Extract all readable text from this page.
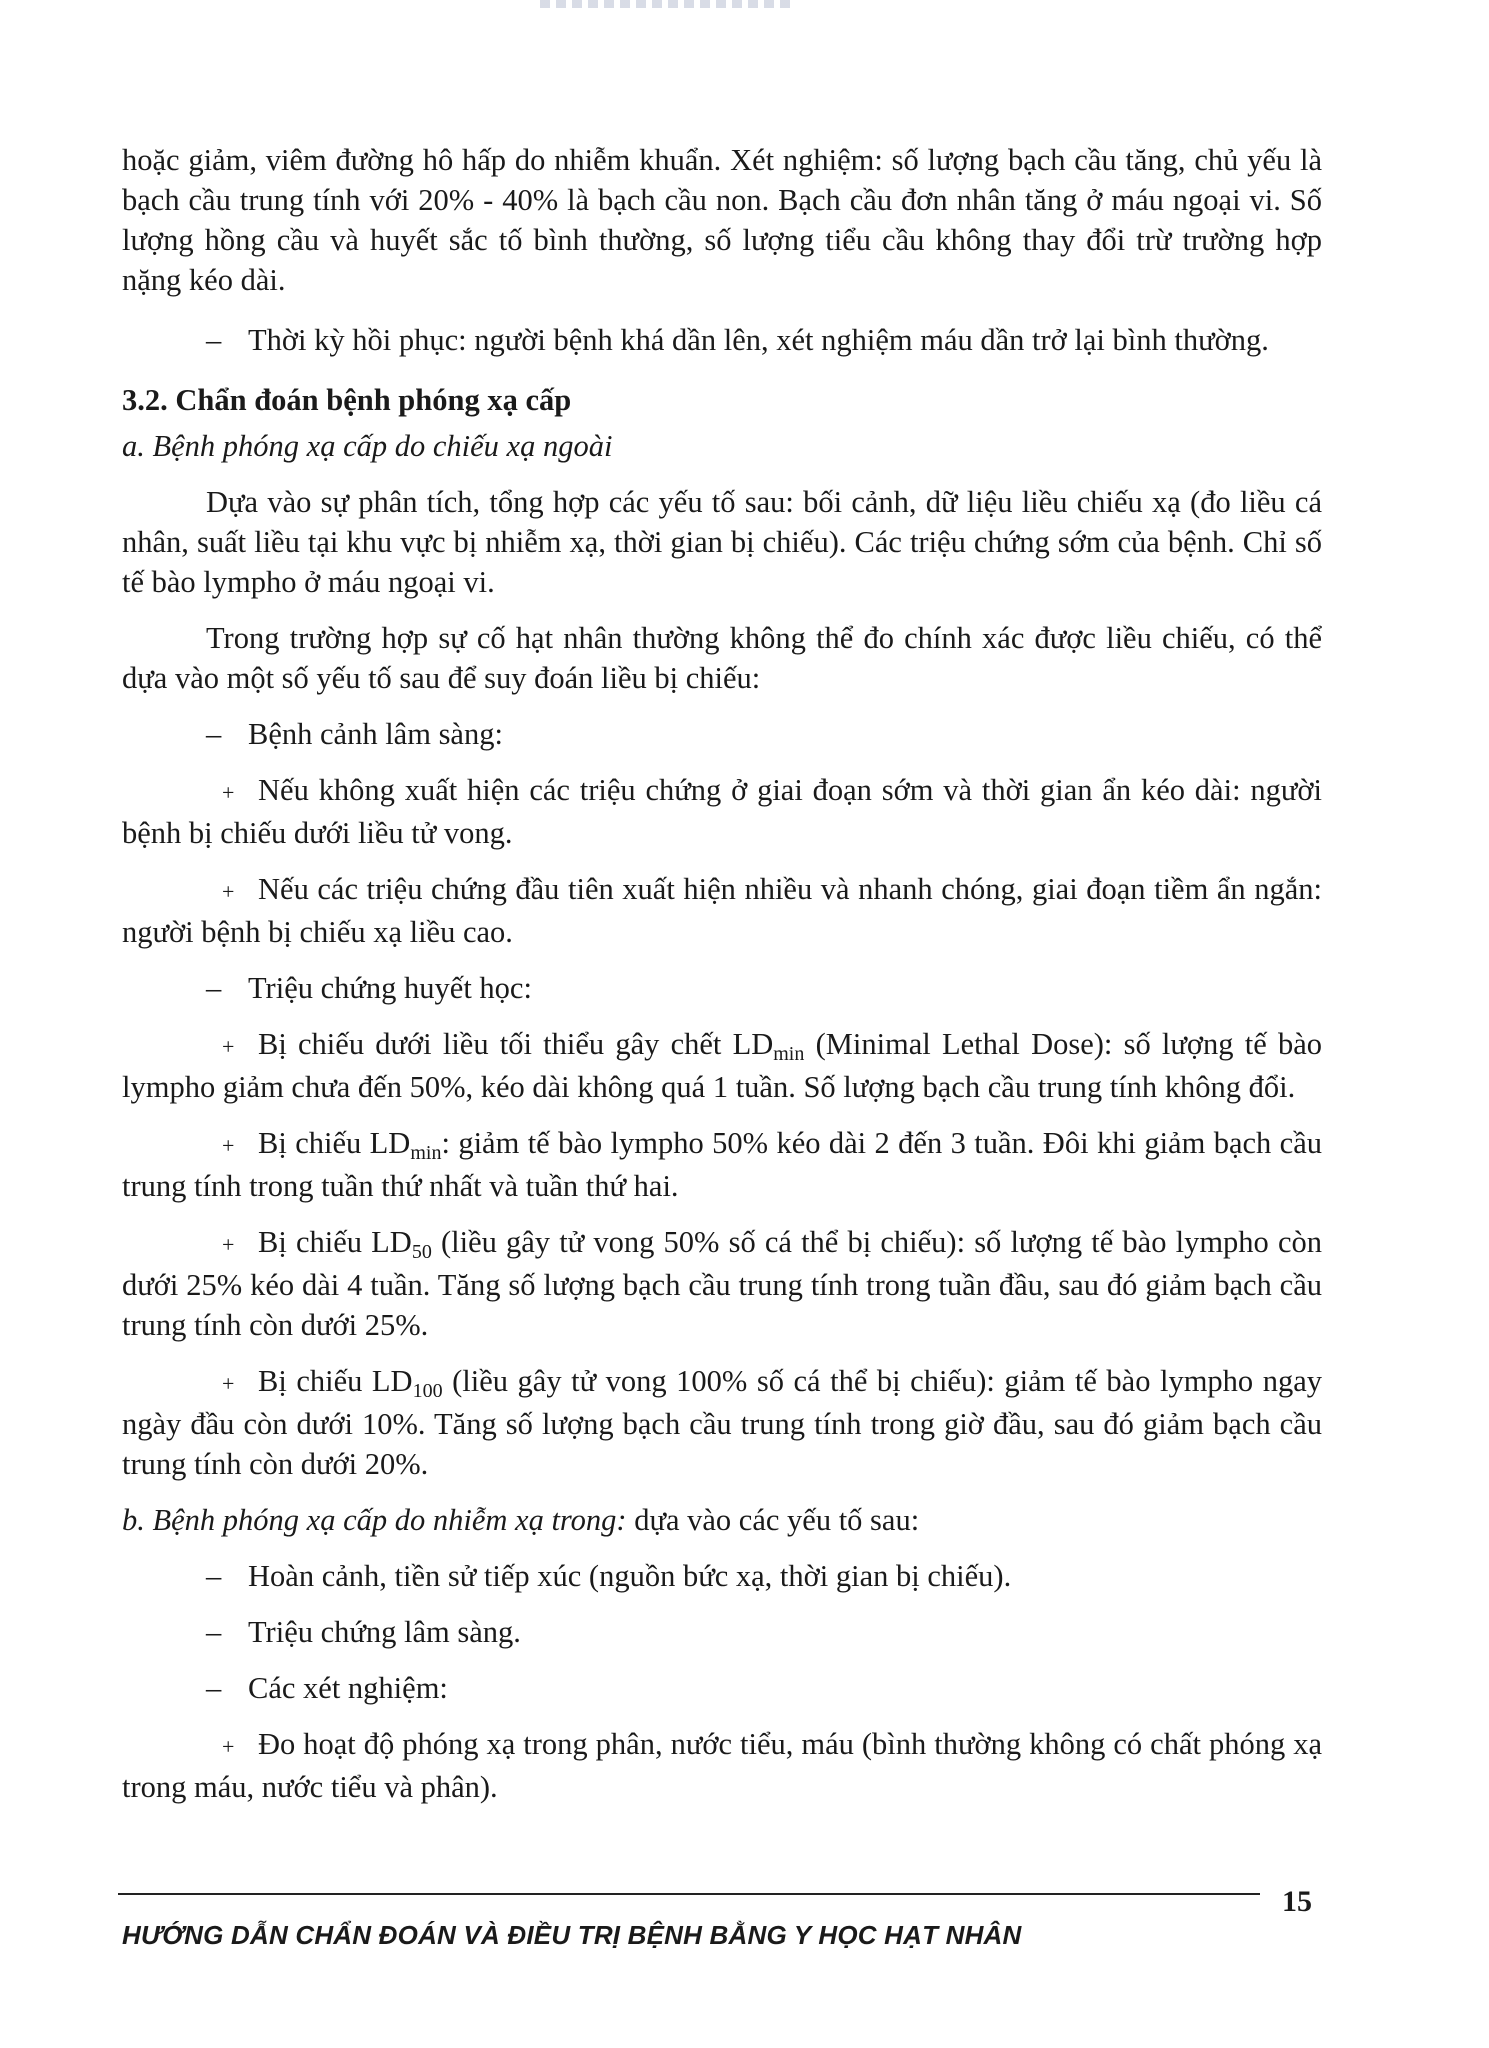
hoặc giảm, viêm đường hô hấp do nhiễm khuẩn. Xét nghiệm: số lượng bạch cầu tăng, chủ yếu là bạch cầu trung tính với 20% - 40% là bạch cầu non. Bạch cầu đơn nhân tăng ở máu ngoại vi. Số lượng hồng cầu và huyết sắc tố bình thường, số lượng tiểu cầu không thay đổi trừ trường hợp nặng kéo dài.

– Thời kỳ hồi phục: người bệnh khá dần lên, xét nghiệm máu dần trở lại bình thường.

3.2. Chẩn đoán bệnh phóng xạ cấp

a. Bệnh phóng xạ cấp do chiếu xạ ngoài

Dựa vào sự phân tích, tổng hợp các yếu tố sau: bối cảnh, dữ liệu liều chiếu xạ (đo liều cá nhân, suất liều tại khu vực bị nhiễm xạ, thời gian bị chiếu). Các triệu chứng sớm của bệnh. Chỉ số tế bào lympho ở máu ngoại vi.

Trong trường hợp sự cố hạt nhân thường không thể đo chính xác được liều chiếu, có thể dựa vào một số yếu tố sau để suy đoán liều bị chiếu:

– Bệnh cảnh lâm sàng:

+ Nếu không xuất hiện các triệu chứng ở giai đoạn sớm và thời gian ẩn kéo dài: người bệnh bị chiếu dưới liều tử vong.

+ Nếu các triệu chứng đầu tiên xuất hiện nhiều và nhanh chóng, giai đoạn tiềm ẩn ngắn: người bệnh bị chiếu xạ liều cao.

– Triệu chứng huyết học:

+ Bị chiếu dưới liều tối thiểu gây chết $LD_{min}$ (Minimal Lethal Dose): số lượng tế bào lympho giảm chưa đến 50%, kéo dài không quá 1 tuần. Số lượng bạch cầu trung tính không đổi.

+ Bị chiếu $LD_{min}$: giảm tế bào lympho 50% kéo dài 2 đến 3 tuần. Đôi khi giảm bạch cầu trung tính trong tuần thứ nhất và tuần thứ hai.

+ Bị chiếu $LD_{50}$ (liều gây tử vong 50% số cá thể bị chiếu): số lượng tế bào lympho còn dưới 25% kéo dài 4 tuần. Tăng số lượng bạch cầu trung tính trong tuần đầu, sau đó giảm bạch cầu trung tính còn dưới 25%.

+ Bị chiếu $LD_{100}$ (liều gây tử vong 100% số cá thể bị chiếu): giảm tế bào lympho ngay ngày đầu còn dưới 10%. Tăng số lượng bạch cầu trung tính trong giờ đầu, sau đó giảm bạch cầu trung tính còn dưới 20%.

b. Bệnh phóng xạ cấp do nhiễm xạ trong: dựa vào các yếu tố sau:

– Hoàn cảnh, tiền sử tiếp xúc (nguồn bức xạ, thời gian bị chiếu).

– Triệu chứng lâm sàng.

– Các xét nghiệm:

+ Đo hoạt độ phóng xạ trong phân, nước tiểu, máu (bình thường không có chất phóng xạ trong máu, nước tiểu và phân).

15
HƯỚNG DẪN CHẨN ĐOÁN VÀ ĐIỀU TRỊ BỆNH BẰNG Y HỌC HẠT NHÂN
